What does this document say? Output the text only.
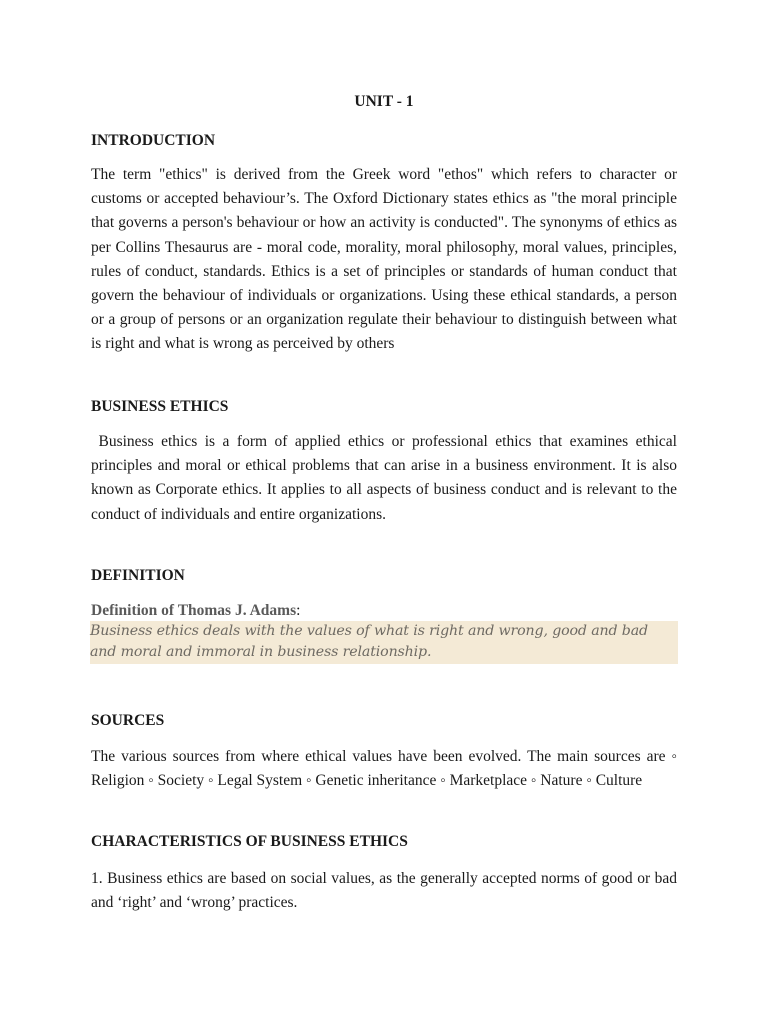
UNIT - 1
INTRODUCTION

The term "ethics" is derived from the Greek word "ethos" which refers to character or customs or accepted behaviour’s. The Oxford Dictionary states ethics as "the moral principle that governs a person's behaviour or how an activity is conducted". The synonyms of ethics as per Collins Thesaurus are - moral code, morality, moral philosophy, moral values, principles, rules of conduct, standards. Ethics is a set of principles or standards of human conduct that govern the behaviour of individuals or organizations. Using these ethical standards, a person or a group of persons or an organization regulate their behaviour to distinguish between what is right and what is wrong as perceived by others

BUSINESS ETHICS

Business ethics is a form of applied ethics or professional ethics that examines ethical principles and moral or ethical problems that can arise in a business environment. It is also known as Corporate ethics. It applies to all aspects of business conduct and is relevant to the conduct of individuals and entire organizations.

DEFINITION
Definition of Thomas J. Adams:
Business ethics deals with the values of what is right and wrong, good and bad and moral and immoral in business relationship.
SOURCES

The various sources from where ethical values have been evolved. The main sources are ◦ Religion ◦ Society ◦ Legal System ◦ Genetic inheritance ◦ Marketplace ◦ Nature ◦ Culture

CHARACTERISTICS OF BUSINESS ETHICS

1. Business ethics are based on social values, as the generally accepted norms of good or bad and ‘right’ and ‘wrong’ practices.
